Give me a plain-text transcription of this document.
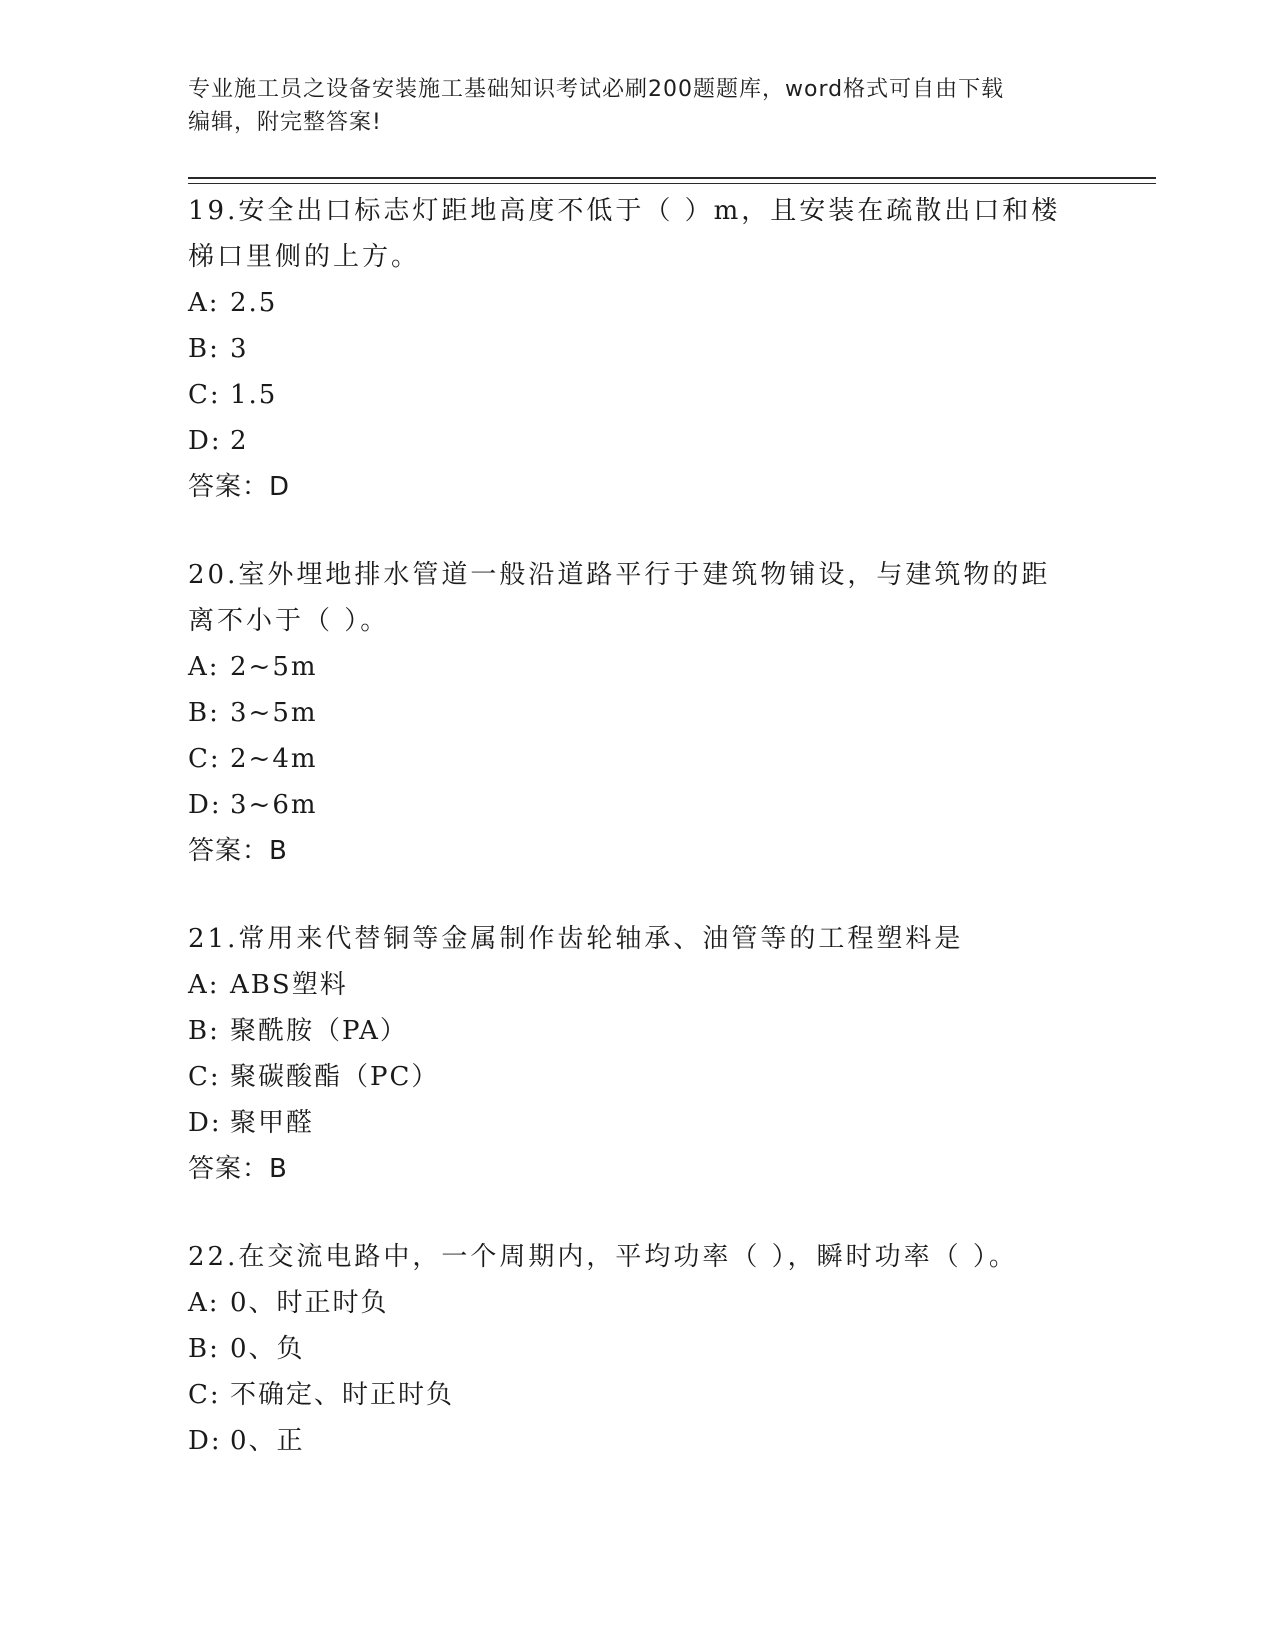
专业施工员之设备安装施工基础知识考试必刷200题题库，word格式可自由下载
编辑，附完整答案!
19.安全出口标志灯距地高度不低于（ ）m，且安装在疏散出口和楼梯口里侧的上方。
A: 2.5
B: 3
C: 1.5
D: 2
答案：D
20.室外埋地排水管道一般沿道路平行于建筑物铺设，与建筑物的距离不小于（ ）。
A: 2~5m
B: 3~5m
C: 2~4m
D: 3~6m
答案：B
21.常用来代替铜等金属制作齿轮轴承、油管等的工程塑料是
A: ABS塑料
B: 聚酰胺（PA）
C: 聚碳酸酯（PC）
D: 聚甲醛
答案：B
22.在交流电路中，一个周期内，平均功率（ ），瞬时功率（ ）。
A: 0、时正时负
B: 0、负
C: 不确定、时正时负
D: 0、正
